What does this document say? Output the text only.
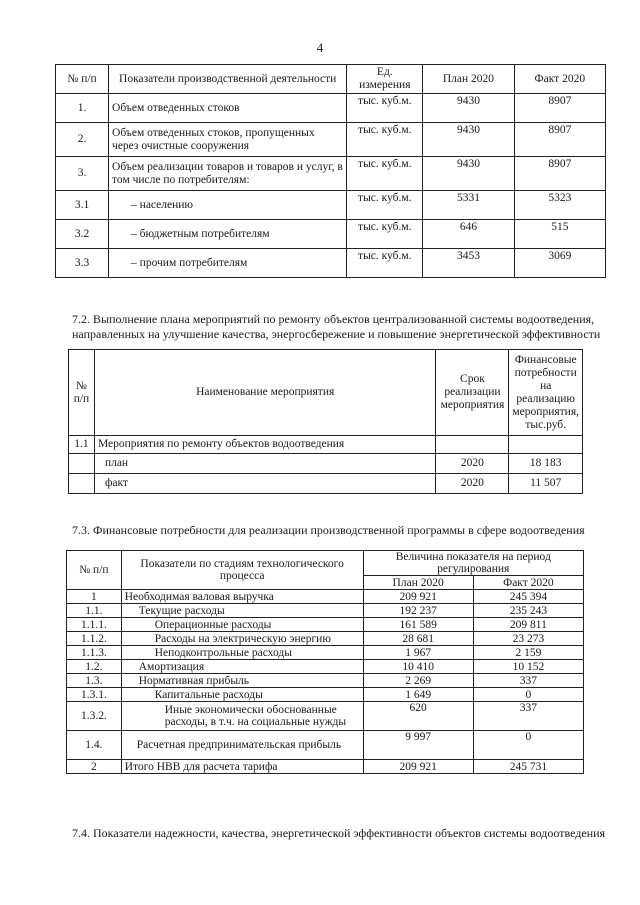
4
№ п/п	Показатели производственной деятельности	Ед. измерения	План 2020	Факт 2020
1.	Объем отведенных стоков	тыс. куб.м.	9430	8907
2.	Объем отведенных стоков, пропущенных через очистные сооружения	тыс. куб.м.	9430	8907
3.	Объем реализации товаров и товаров и услуг, в том числе по потребителям:	тыс. куб.м.	9430	8907
3.1	– населению	тыс. куб.м.	5331	5323
3.2	– бюджетным потребителям	тыс. куб.м.	646	515
3.3	– прочим потребителям	тыс. куб.м.	3453	3069
7.2. Выполнение плана мероприятий по ремонту объектов централизованной системы водоотведения, направленных на улучшение качества, энергосбережение и повышение энергетической эффективности
№ п/п	Наименование мероприятия	Срок реализации мероприятия	Финансовые потребности на реализацию мероприятия, тыс.руб.
1.1	Мероприятия по ремонту объектов водоотведения		
	план	2020	18 183
	факт	2020	11 507
7.3. Финансовые потребности для реализации производственной программы в сфере водоотведения
№ п/п	Показатели по стадиям технологического процесса	Величина показателя на период регулирования	
		План 2020	Факт 2020
1	Необходимая валовая выручка	209 921	245 394
1.1.	Текущие расходы	192 237	235 243
1.1.1.	Операционные расходы	161 589	209 811
1.1.2.	Расходы на электрическую энергию	28 681	23 273
1.1.3.	Неподконтрольные расходы	1 967	2 159
1.2.	Амортизация	10 410	10 152
1.3.	Нормативная прибыль	2 269	337
1.3.1.	Капитальные расходы	1 649	0
1.3.2.	Иные экономически обоснованные расходы, в т.ч. на социальные нужды	620	337
1.4.	Расчетная предпринимательская прибыль	9 997	0
2	Итого НВВ для расчета тарифа	209 921	245 731
7.4. Показатели надежности, качества, энергетической эффективности объектов системы водоотведения
